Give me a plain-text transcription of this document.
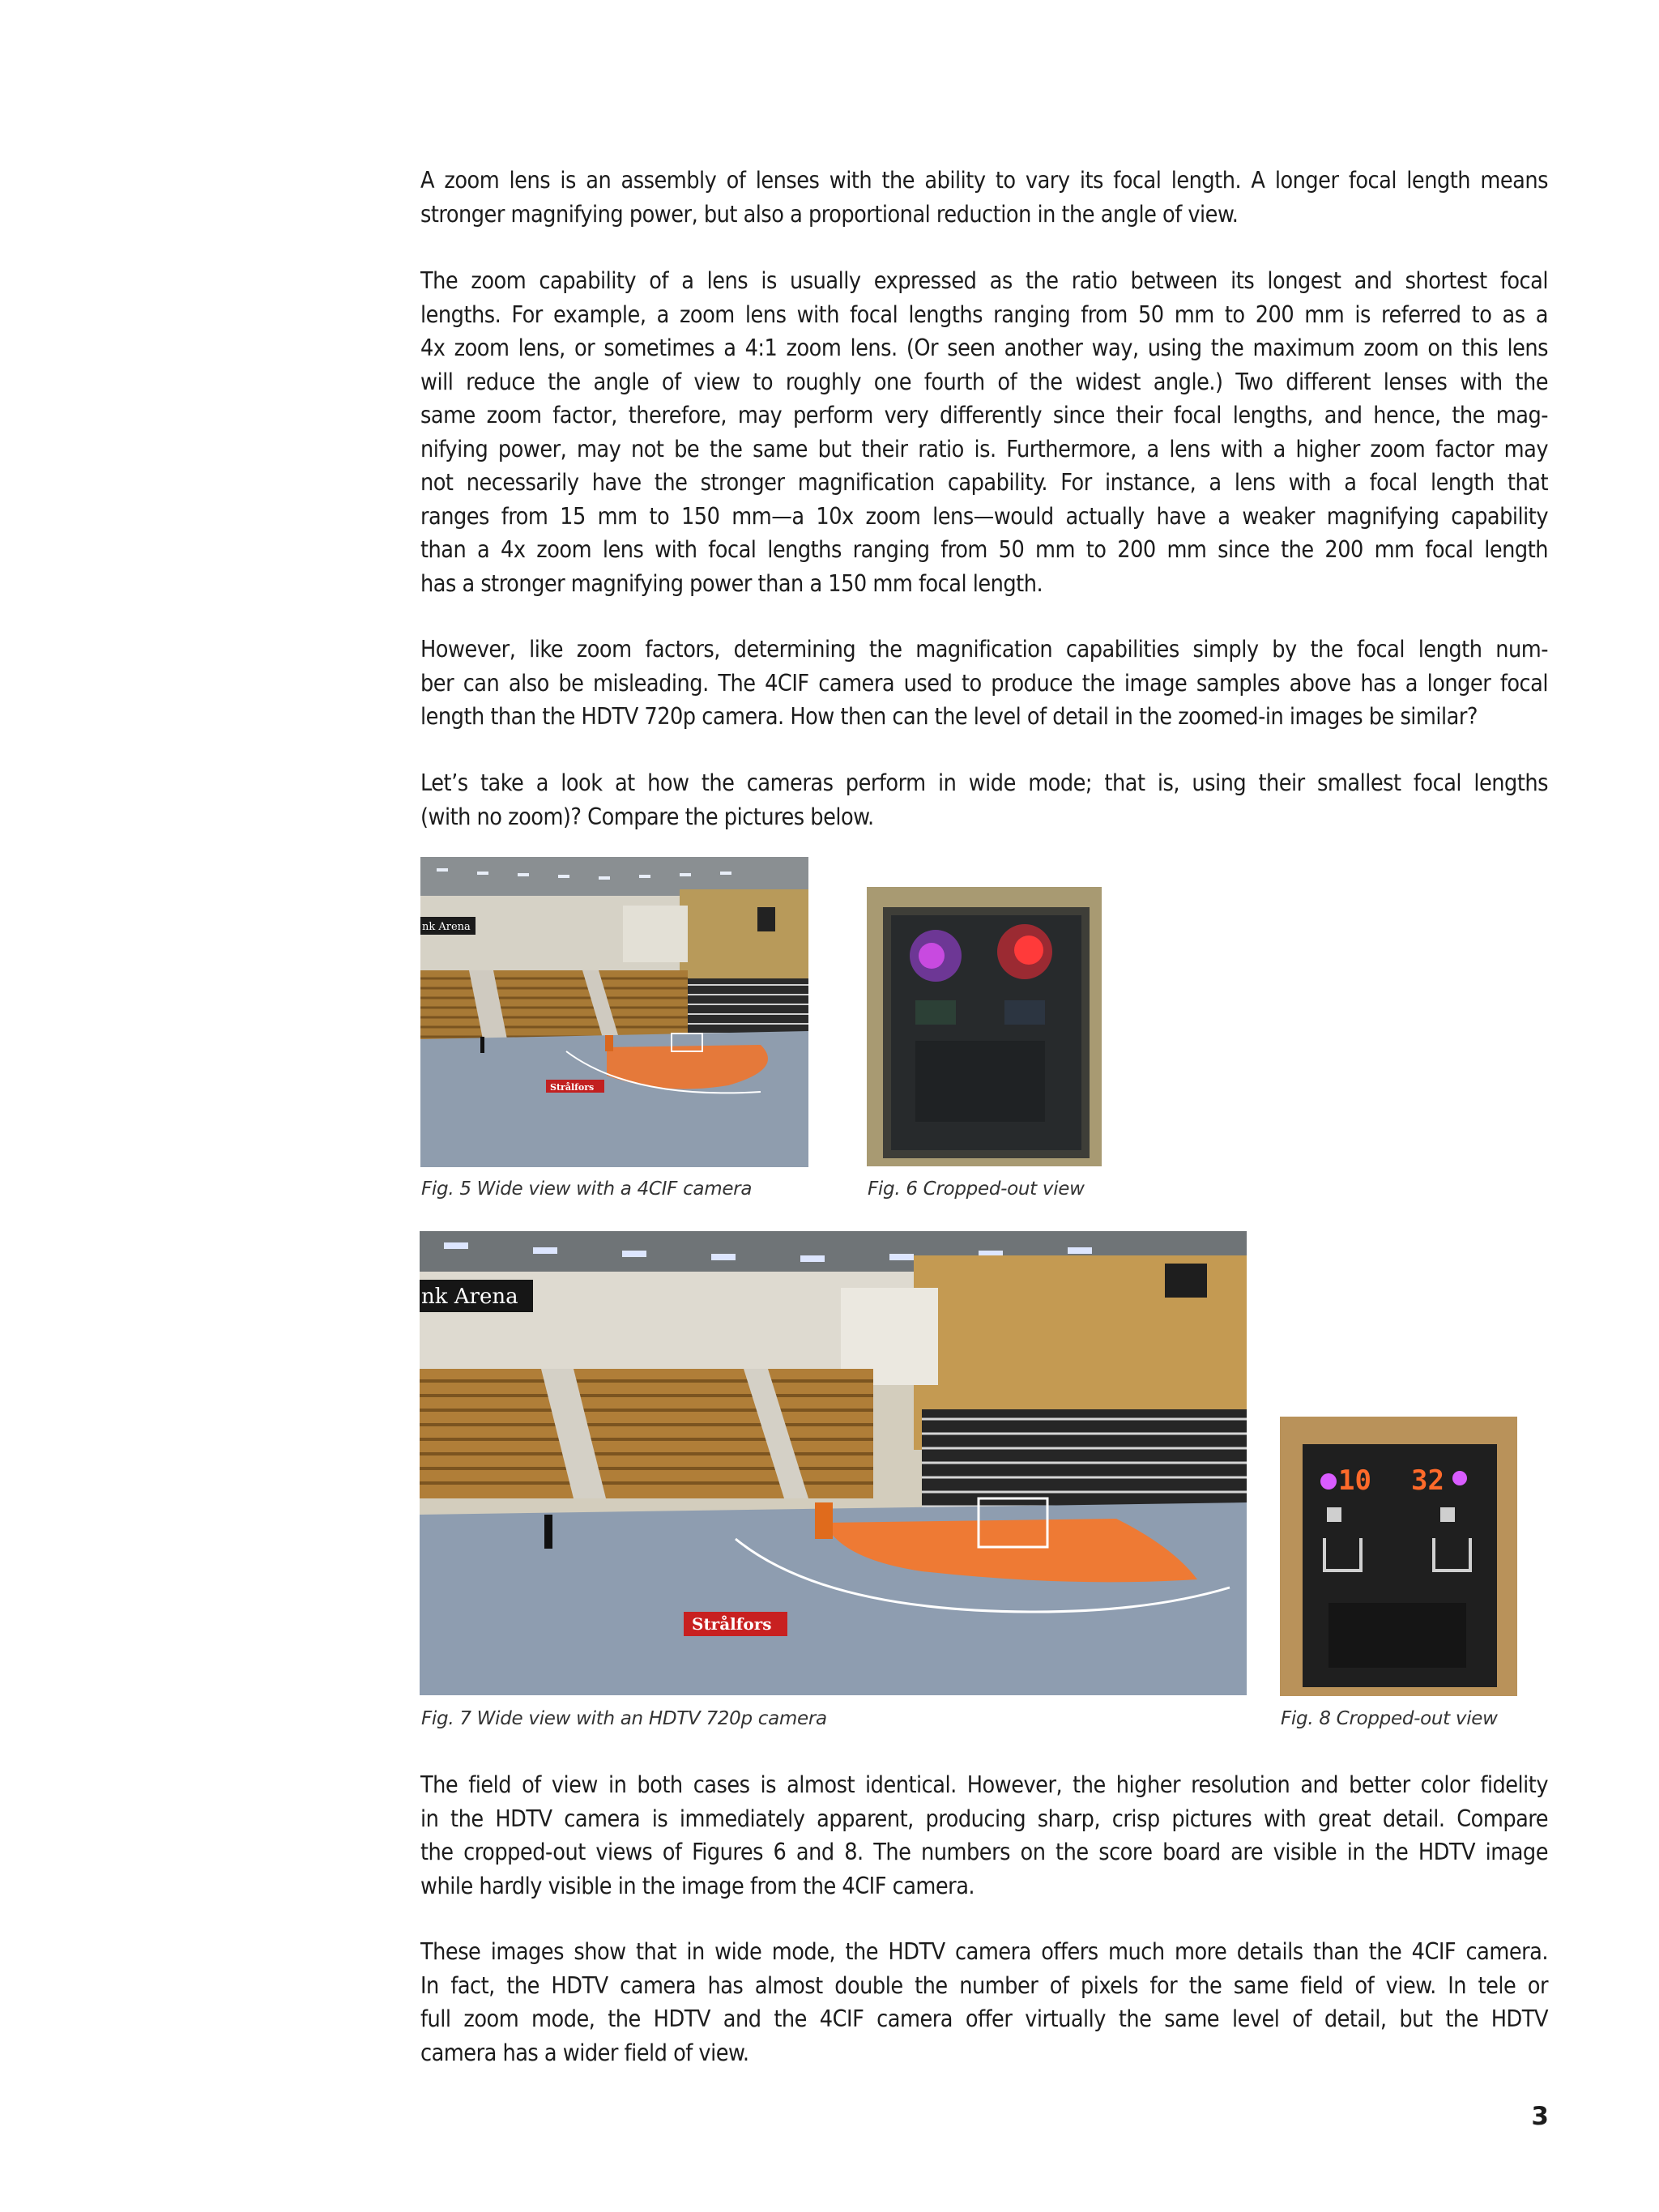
A zoom lens is an assembly of lenses with the ability to vary its focal length. A longer focal length means
stronger magnifying power, but also a proportional reduction in the angle of view.
The zoom capability of a lens is usually expressed as the ratio between its longest and shortest focal
lengths. For example, a zoom lens with focal lengths ranging from 50 mm to 200 mm is referred to as a
4x zoom lens, or sometimes a 4:1 zoom lens. (Or seen another way, using the maximum zoom on this lens
will reduce the angle of view to roughly one fourth of the widest angle.) Two different lenses with the
same zoom factor, therefore, may perform very differently since their focal lengths, and hence, the mag-
nifying power, may not be the same but their ratio is. Furthermore, a lens with a higher zoom factor may
not necessarily have the stronger magnification capability. For instance, a lens with a focal length that
ranges from 15 mm to 150 mm—a 10x zoom lens—would actually have a weaker magnifying capability
than a 4x zoom lens with focal lengths ranging from 50 mm to 200 mm since the 200 mm focal length
has a stronger magnifying power than a 150 mm focal length.
However, like zoom factors, determining the magnification capabilities simply by the focal length num-
ber can also be misleading. The 4CIF camera used to produce the image samples above has a longer focal
length than the HDTV 720p camera. How then can the level of detail in the zoomed-in images be similar?
Let’s take a look at how the cameras perform in wide mode; that is, using their smallest focal lengths
(with no zoom)? Compare the pictures below.
nk Arena
Strålfors
Fig. 5 Wide view with a 4CIF camera	Fig. 6 Cropped-out view
nk Arena
Strålfors
Fig. 7 Wide view with an HDTV 720p camera
10 32
Fig. 8 Cropped-out view
The field of view in both cases is almost identical. However, the higher resolution and better color fidelity
in the HDTV camera is immediately apparent, producing sharp, crisp pictures with great detail. Compare
the cropped-out views of Figures 6 and 8. The numbers on the score board are visible in the HDTV image
while hardly visible in the image from the 4CIF camera.
These images show that in wide mode, the HDTV camera offers much more details than the 4CIF camera.
In fact, the HDTV camera has almost double the number of pixels for the same field of view. In tele or
full zoom mode, the HDTV and the 4CIF camera offer virtually the same level of detail, but the HDTV
camera has a wider field of view.
3
